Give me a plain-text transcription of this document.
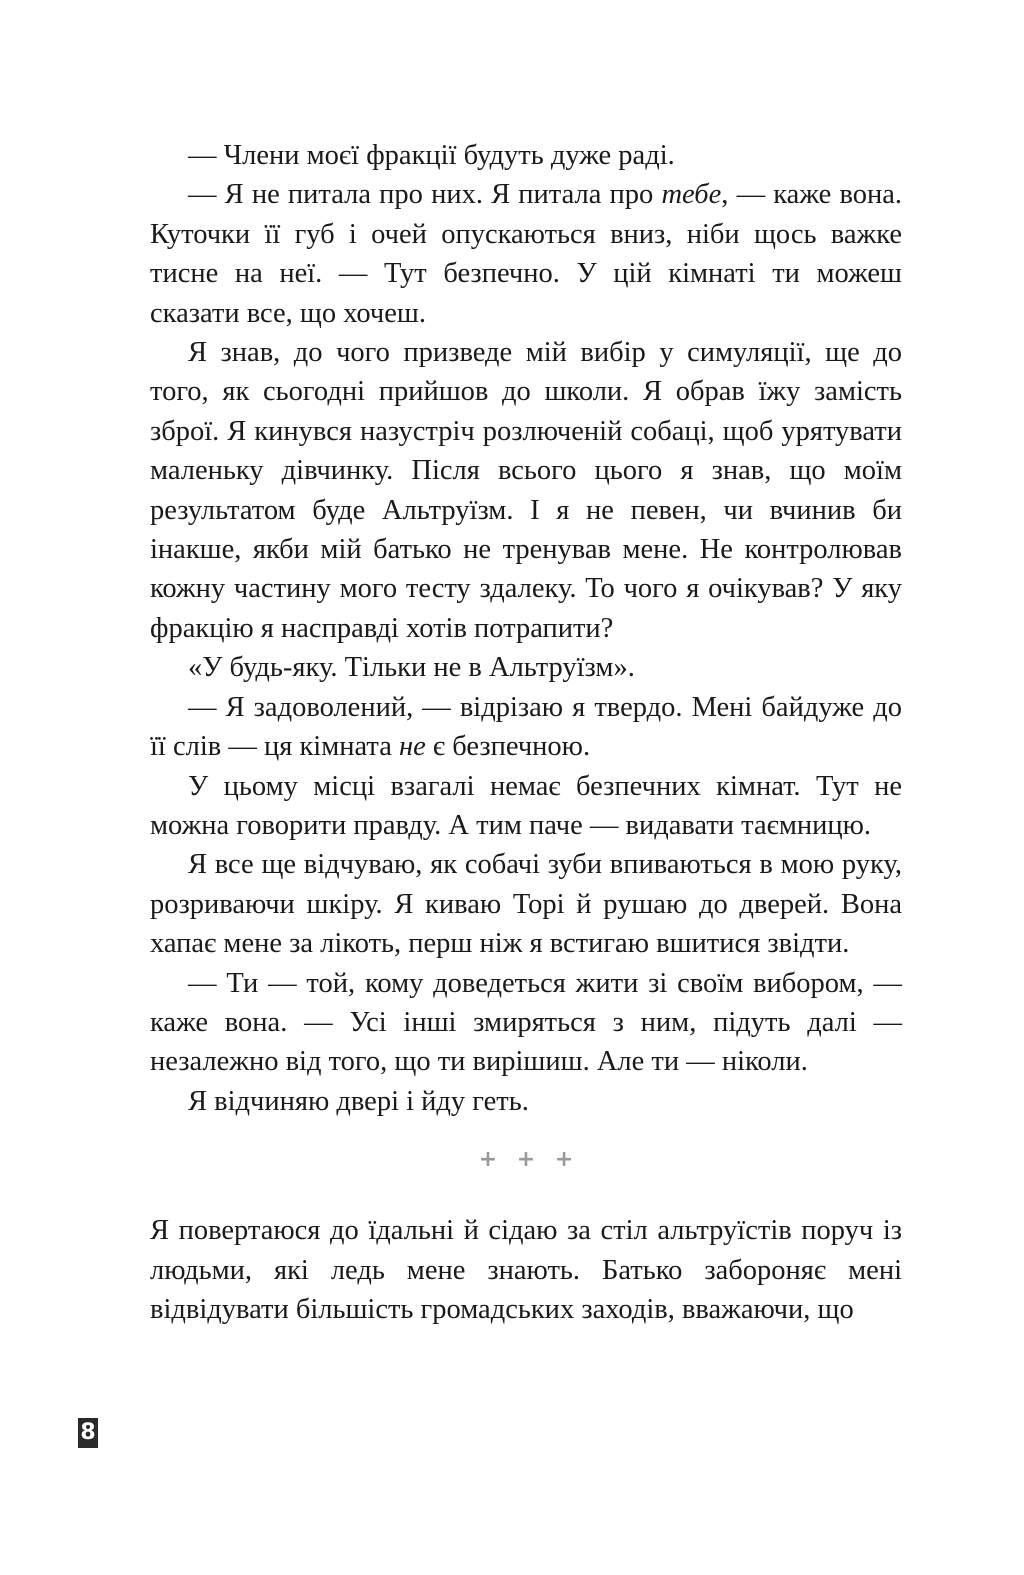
— Члени моєї фракції будуть дуже раді.

— Я не питала про них. Я питала про тебе, — каже вона. Куточки її губ і очей опускаються вниз, ніби щось важке тисне на неї. — Тут безпечно. У цій кімнаті ти можеш сказати все, що хочеш.

Я знав, до чого призведе мій вибір у симуляції, ще до того, як сьогодні прийшов до школи. Я обрав їжу замість зброї. Я кинувся назустріч розлюченій собаці, щоб урятувати маленьку дівчинку. Після всього цього я знав, що моїм результатом буде Альтруїзм. І я не певен, чи вчинив би інакше, якби мій батько не тренував мене. Не контролював кожну частину мого тесту здалеку. То чого я очікував? У яку фракцію я насправді хотів потрапити?

«У будь-яку. Тільки не в Альтруїзм».

— Я задоволений, — відрізаю я твердо. Мені байдуже до її слів — ця кімната не є безпечною.

У цьому місці взагалі немає безпечних кімнат. Тут не можна говорити правду. А тим паче — видавати таємницю.

Я все ще відчуваю, як собачі зуби впиваються в мою руку, розриваючи шкіру. Я киваю Торі й рушаю до дверей. Вона хапає мене за лікоть, перш ніж я встигаю вшитися звідти.

— Ти — той, кому доведеться жити зі своїм вибором, — каже вона. — Усі інші змиряться з ним, підуть далі — незалежно від того, що ти вирішиш. Але ти — ніколи.

Я відчиняю двері і йду геть.

+ + +

Я повертаюся до їдальні й сідаю за стіл альтруїстів поруч із людьми, які ледь мене знають. Батько забороняє мені відвідувати більшість громадських заходів, вважаючи, що

8
